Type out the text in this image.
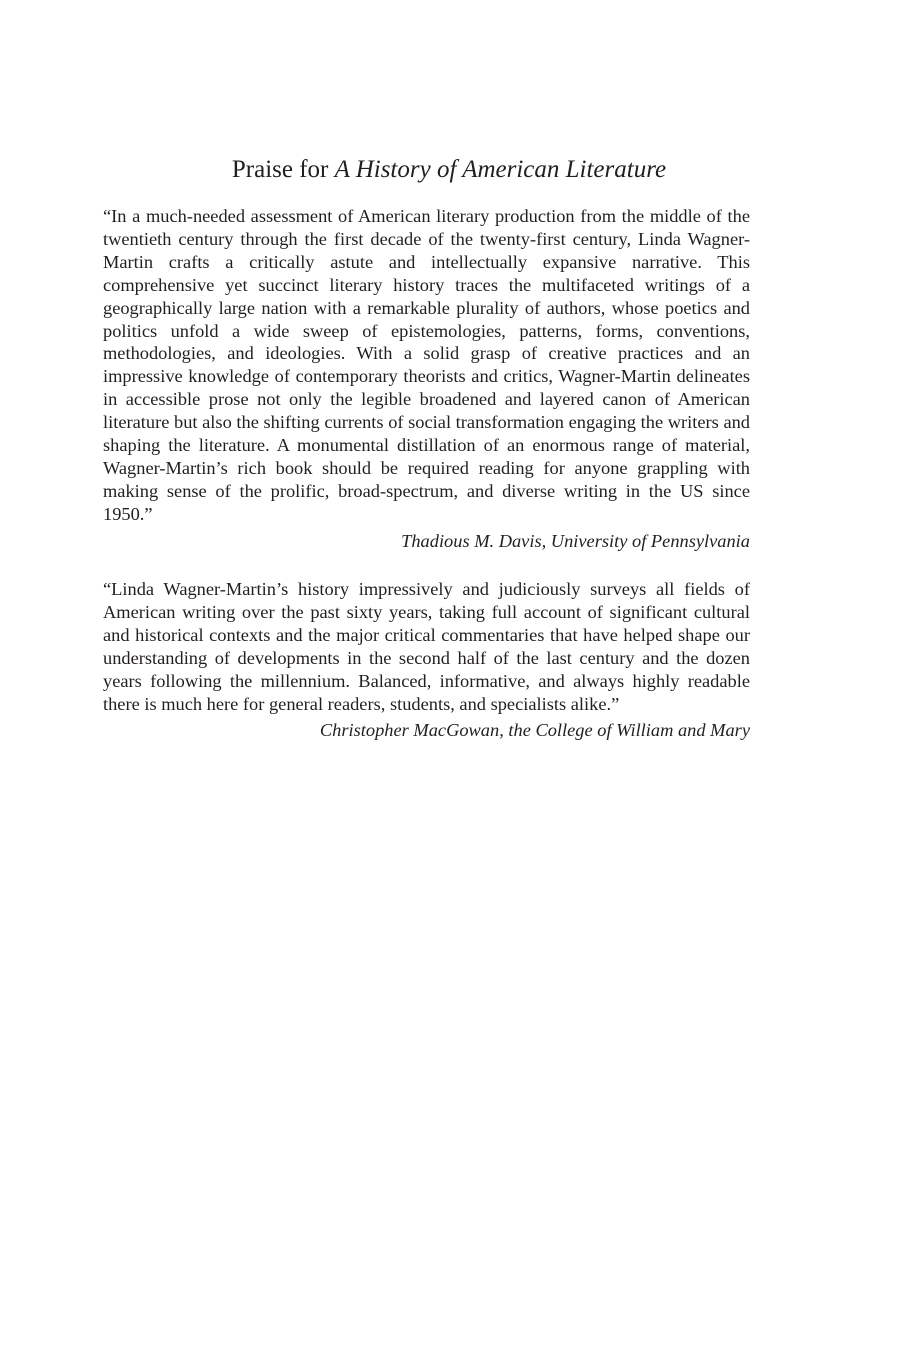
Praise for A History of American Literature

“In a much-needed assessment of American literary production from the middle of the twentieth century through the first decade of the twenty-first century, Linda Wagner-Martin crafts a critically astute and intellectually expansive narrative. This comprehensive yet succinct literary history traces the multifaceted writings of a geographically large nation with a remarkable plurality of authors, whose poetics and politics unfold a wide sweep of epistemologies, patterns, forms, conventions, methodologies, and ideologies. With a solid grasp of creative practices and an impressive knowledge of contemporary theorists and critics, Wagner-Martin delineates in accessible prose not only the legible broadened and layered canon of American literature but also the shifting currents of social transformation engaging the writers and shaping the literature. A monumental distillation of an enormous range of material, Wagner-Martin’s rich book should be required reading for anyone grappling with making sense of the prolific, broad-spectrum, and diverse writing in the US since 1950.”

Thadious M. Davis, University of Pennsylvania

“Linda Wagner-Martin’s history impressively and judiciously surveys all fields of American writing over the past sixty years, taking full account of significant cultural and historical contexts and the major critical commentaries that have helped shape our understanding of developments in the second half of the last century and the dozen years following the millennium. Balanced, informative, and always highly readable there is much here for general readers, students, and specialists alike.”

Christopher MacGowan, the College of William and Mary
